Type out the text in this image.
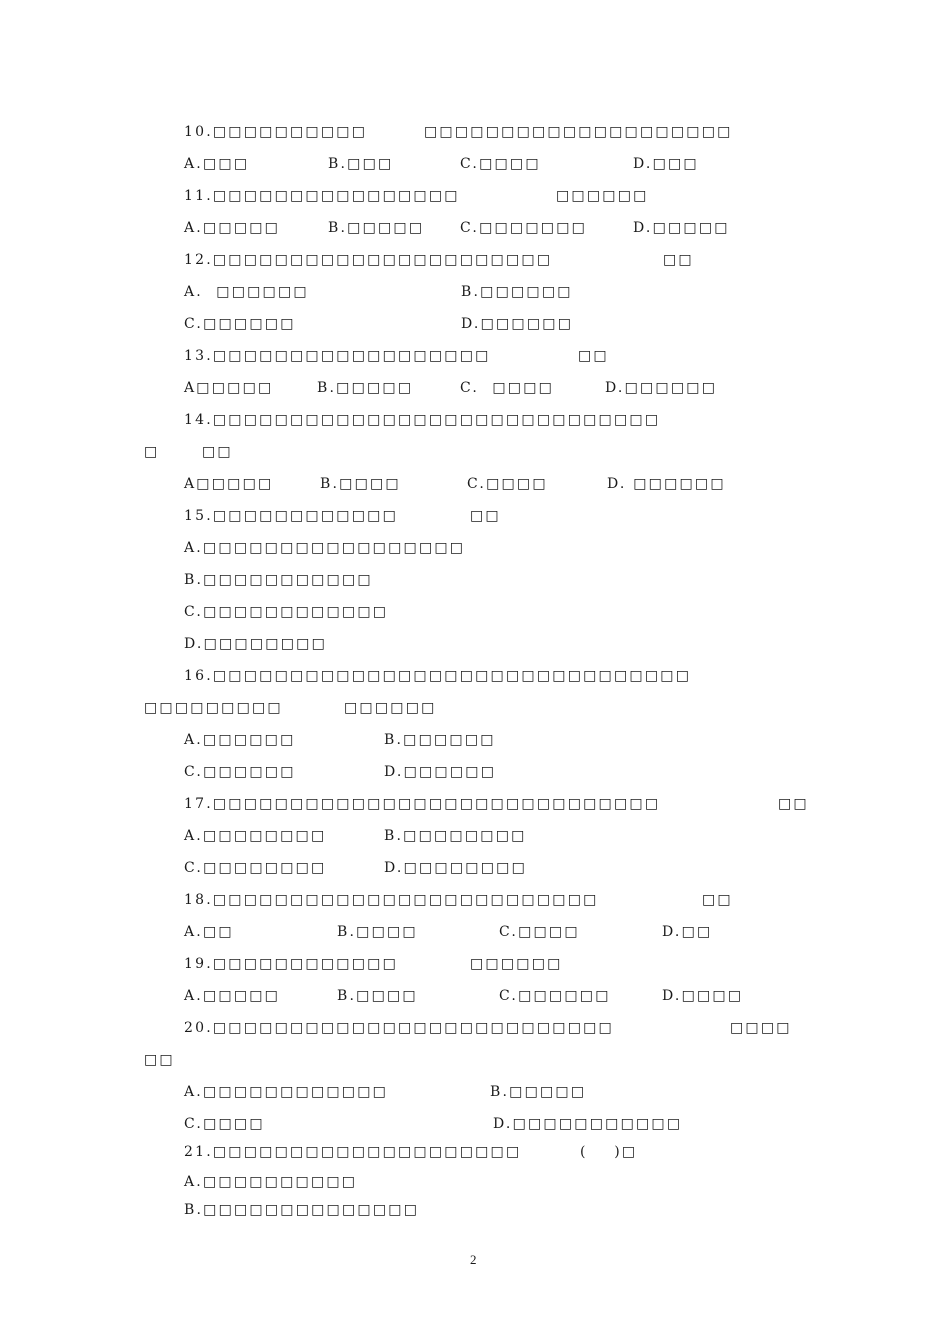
10.□□□□□□□□□□	□□□□□□□□□□□□□□□□□□□□
A.□□□	B.□□□	C.□□□□	D.□□□
11.□□□□□□□□□□□□□□□□	□□□□□□
A.□□□□□	B.□□□□□	C.□□□□□□□	D.□□□□□
12.□□□□□□□□□□□□□□□□□□□□□□	□□
A.  □□□□□□	B.□□□□□□
C.□□□□□□	D.□□□□□□
13.□□□□□□□□□□□□□□□□□□	□□
A□□□□□	B.□□□□□	C.  □□□□	D.□□□□□□
14.□□□□□□□□□□□□□□□□□□□□□□□□□□□□□
□	□□
A□□□□□	B.□□□□	C.□□□□	D. □□□□□□
15.□□□□□□□□□□□□	□□
A.□□□□□□□□□□□□□□□□□
B.□□□□□□□□□□□
C.□□□□□□□□□□□□
D.□□□□□□□□
16.□□□□□□□□□□□□□□□□□□□□□□□□□□□□□□□
□□□□□□□□□	□□□□□□
A.□□□□□□	B.□□□□□□
C.□□□□□□	D.□□□□□□
17.□□□□□□□□□□□□□□□□□□□□□□□□□□□□□	□□
A.□□□□□□□□	B.□□□□□□□□
C.□□□□□□□□	D.□□□□□□□□
18.□□□□□□□□□□□□□□□□□□□□□□□□□	□□
A.□□	B.□□□□	C.□□□□	D.□□
19.□□□□□□□□□□□□	□□□□□□
A.□□□□□	B.□□□□	C.□□□□□□	D.□□□□
20.□□□□□□□□□□□□□□□□□□□□□□□□□□	□□□□
□□
A.□□□□□□□□□□□□	B.□□□□□
C.□□□□	D.□□□□□□□□□□□
21.□□□□□□□□□□□□□□□□□□□□	(    )□
A.□□□□□□□□□□
B.□□□□□□□□□□□□□□
2
